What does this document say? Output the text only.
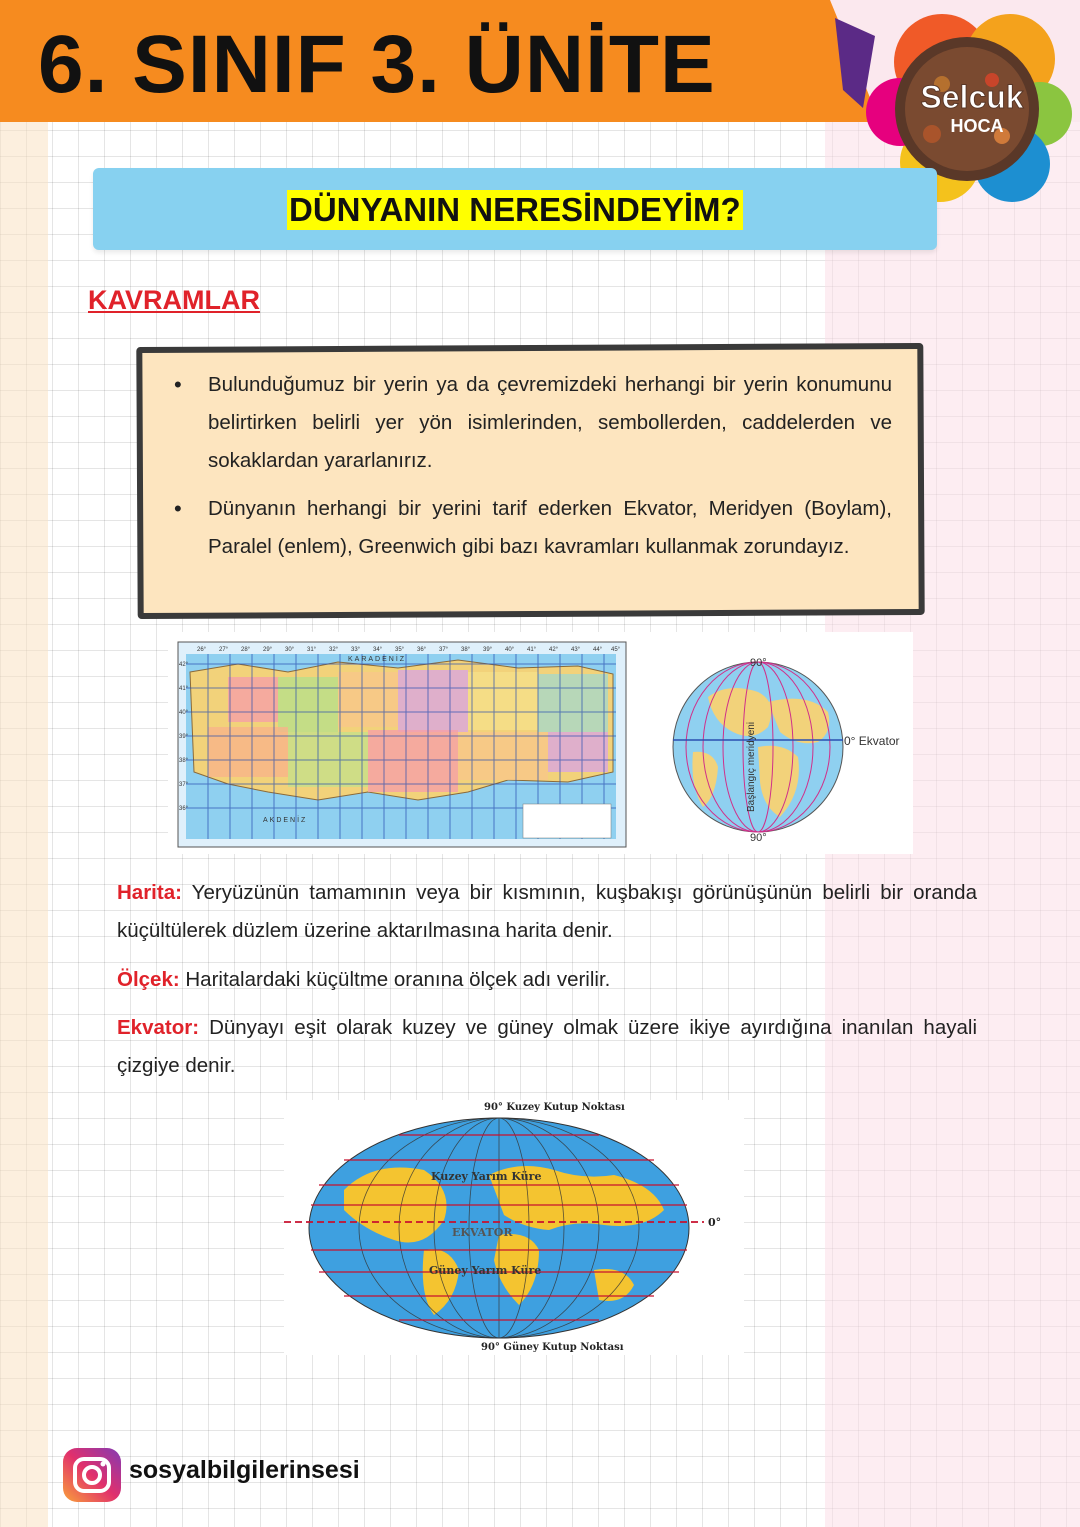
6. SINIF 3. ÜNİTE	Selcuk
HOCA
DÜNYANIN NERESİNDEYİM?
KAVRAMLAR
• Bulunduğumuz bir yerin ya da çevremizdeki herhangi bir yerin konumunu belirtirken belirli yer yön isimlerinden, sembollerden, caddelerden ve sokaklardan yararlanırız.
• Dünyanın herhangi bir yerini tarif ederken Ekvator, Meridyen (Boylam), Paralel (enlem), Greenwich gibi bazı kavramları kullanmak zorundayız.
26° 27° 28° 29° 30° 31° 32° 33° 34° 35° 36° 37° 38° 39° 40° 41° 42° 43° 44° 45°
42°
41°
40°
39°
38°
37°
36°
KARADENİZ
AKDENİZ
90°
90°
0° Ekvator
Başlangıç meridyeni
Harita: Yeryüzünün tamamının veya bir kısmının, kuşbakışı görünüşünün belirli bir oranda küçültülerek düzlem üzerine aktarılmasına harita denir.
Ölçek: Haritalardaki küçültme oranına ölçek adı verilir.
Ekvator: Dünyayı eşit olarak kuzey ve güney olmak üzere ikiye ayırdığına inanılan hayali çizgiye denir.
90° Kuzey Kutup Noktası
Kuzey Yarım Küre
EKVATOR
Güney Yarım Küre
90° Güney Kutup Noktası
0°
sosyalbilgilerinsesi
